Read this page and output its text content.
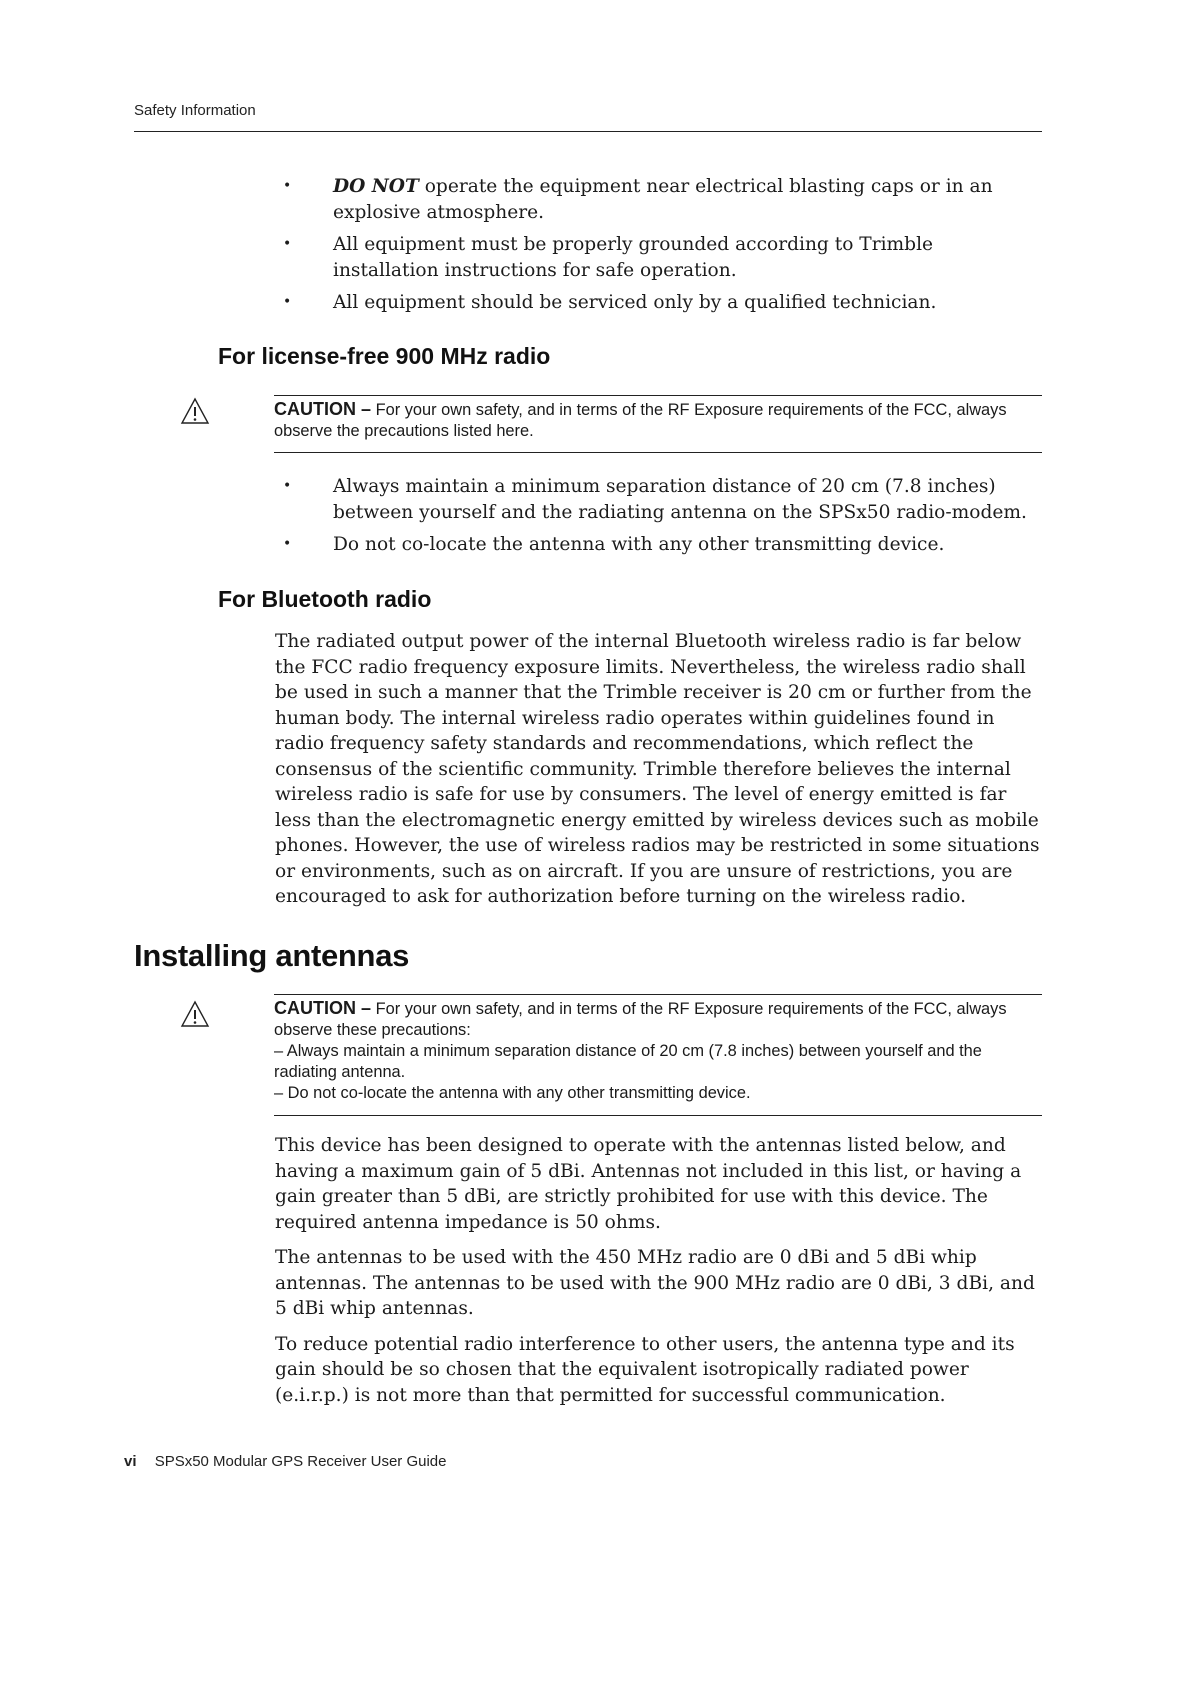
Safety Information
• DO NOT operate the equipment near electrical blasting caps or in an explosive atmosphere.
• All equipment must be properly grounded according to Trimble installation instructions for safe operation.
• All equipment should be serviced only by a qualified technician.
For license-free 900 MHz radio
CAUTION – For your own safety, and in terms of the RF Exposure requirements of the FCC, always observe the precautions listed here.
• Always maintain a minimum separation distance of 20 cm (7.8 inches) between yourself and the radiating antenna on the SPSx50 radio-modem.
• Do not co-locate the antenna with any other transmitting device.
For Bluetooth radio

The radiated output power of the internal Bluetooth wireless radio is far below the FCC radio frequency exposure limits. Nevertheless, the wireless radio shall be used in such a manner that the Trimble receiver is 20 cm or further from the human body. The internal wireless radio operates within guidelines found in radio frequency safety standards and recommendations, which reflect the consensus of the scientific community. Trimble therefore believes the internal wireless radio is safe for use by consumers. The level of energy emitted is far less than the electromagnetic energy emitted by wireless devices such as mobile phones. However, the use of wireless radios may be restricted in some situations or environments, such as on aircraft. If you are unsure of restrictions, you are encouraged to ask for authorization before turning on the wireless radio.

Installing antennas
CAUTION – For your own safety, and in terms of the RF Exposure requirements of the FCC, always observe these precautions:
– Always maintain a minimum separation distance of 20 cm (7.8 inches) between yourself and the radiating antenna.
– Do not co-locate the antenna with any other transmitting device.

This device has been designed to operate with the antennas listed below, and having a maximum gain of 5 dBi. Antennas not included in this list, or having a gain greater than 5 dBi, are strictly prohibited for use with this device. The required antenna impedance is 50 ohms.

The antennas to be used with the 450 MHz radio are 0 dBi and 5 dBi whip antennas. The antennas to be used with the 900 MHz radio are 0 dBi, 3 dBi, and 5 dBi whip antennas.

To reduce potential radio interference to other users, the antenna type and its gain should be so chosen that the equivalent isotropically radiated power (e.i.r.p.) is not more than that permitted for successful communication.

vi SPSx50 Modular GPS Receiver User Guide
